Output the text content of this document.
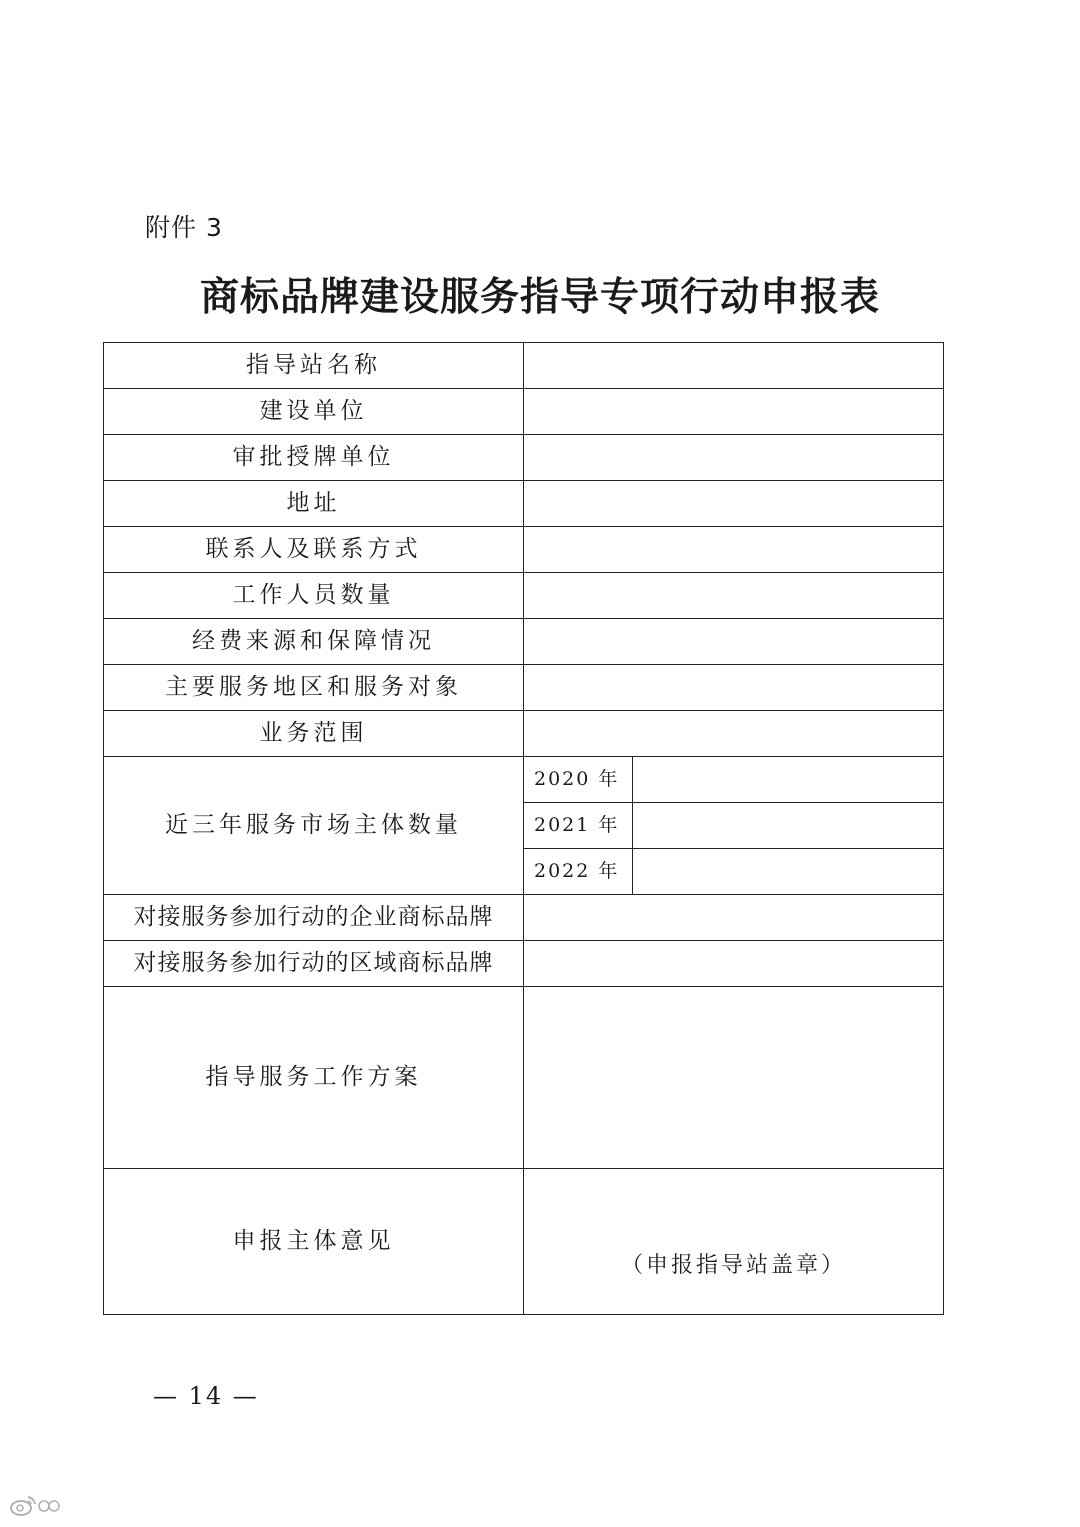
附件 3
商标品牌建设服务指导专项行动申报表
指导站名称		
建设单位		
审批授牌单位		
地址		
联系人及联系方式		
工作人员数量		
经费来源和保障情况		
主要服务地区和服务对象		
业务范围		
近三年服务市场主体数量	2020 年	
	2021 年	
	2022 年	
对接服务参加行动的企业商标品牌		
对接服务参加行动的区域商标品牌		
指导服务工作方案		
申报主体意见	（申报指导站盖章）	
— 14 —
